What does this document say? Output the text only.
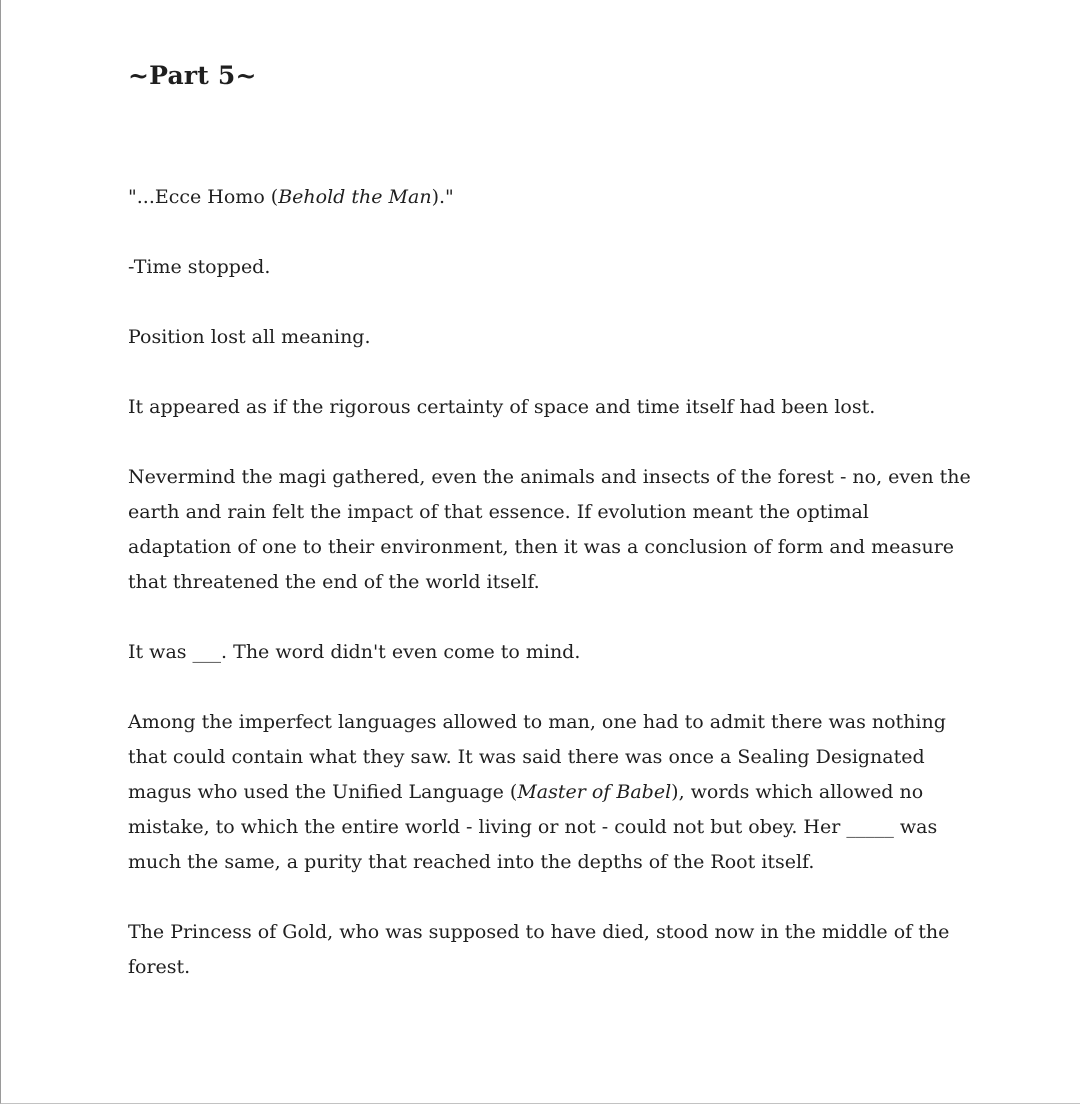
~Part 5~

"...Ecce Homo (Behold the Man)."

-Time stopped.

Position lost all meaning.

It appeared as if the rigorous certainty of space and time itself had been lost.

Nevermind the magi gathered, even the animals and insects of the forest - no, even the
earth and rain felt the impact of that essence. If evolution meant the optimal
adaptation of one to their environment, then it was a conclusion of form and measure
that threatened the end of the world itself.

It was ___. The word didn't even come to mind.

Among the imperfect languages allowed to man, one had to admit there was nothing
that could contain what they saw. It was said there was once a Sealing Designated
magus who used the Unified Language (Master of Babel), words which allowed no
mistake, to which the entire world - living or not - could not but obey. Her _____ was
much the same, a purity that reached into the depths of the Root itself.

The Princess of Gold, who was supposed to have died, stood now in the middle of the
forest.
